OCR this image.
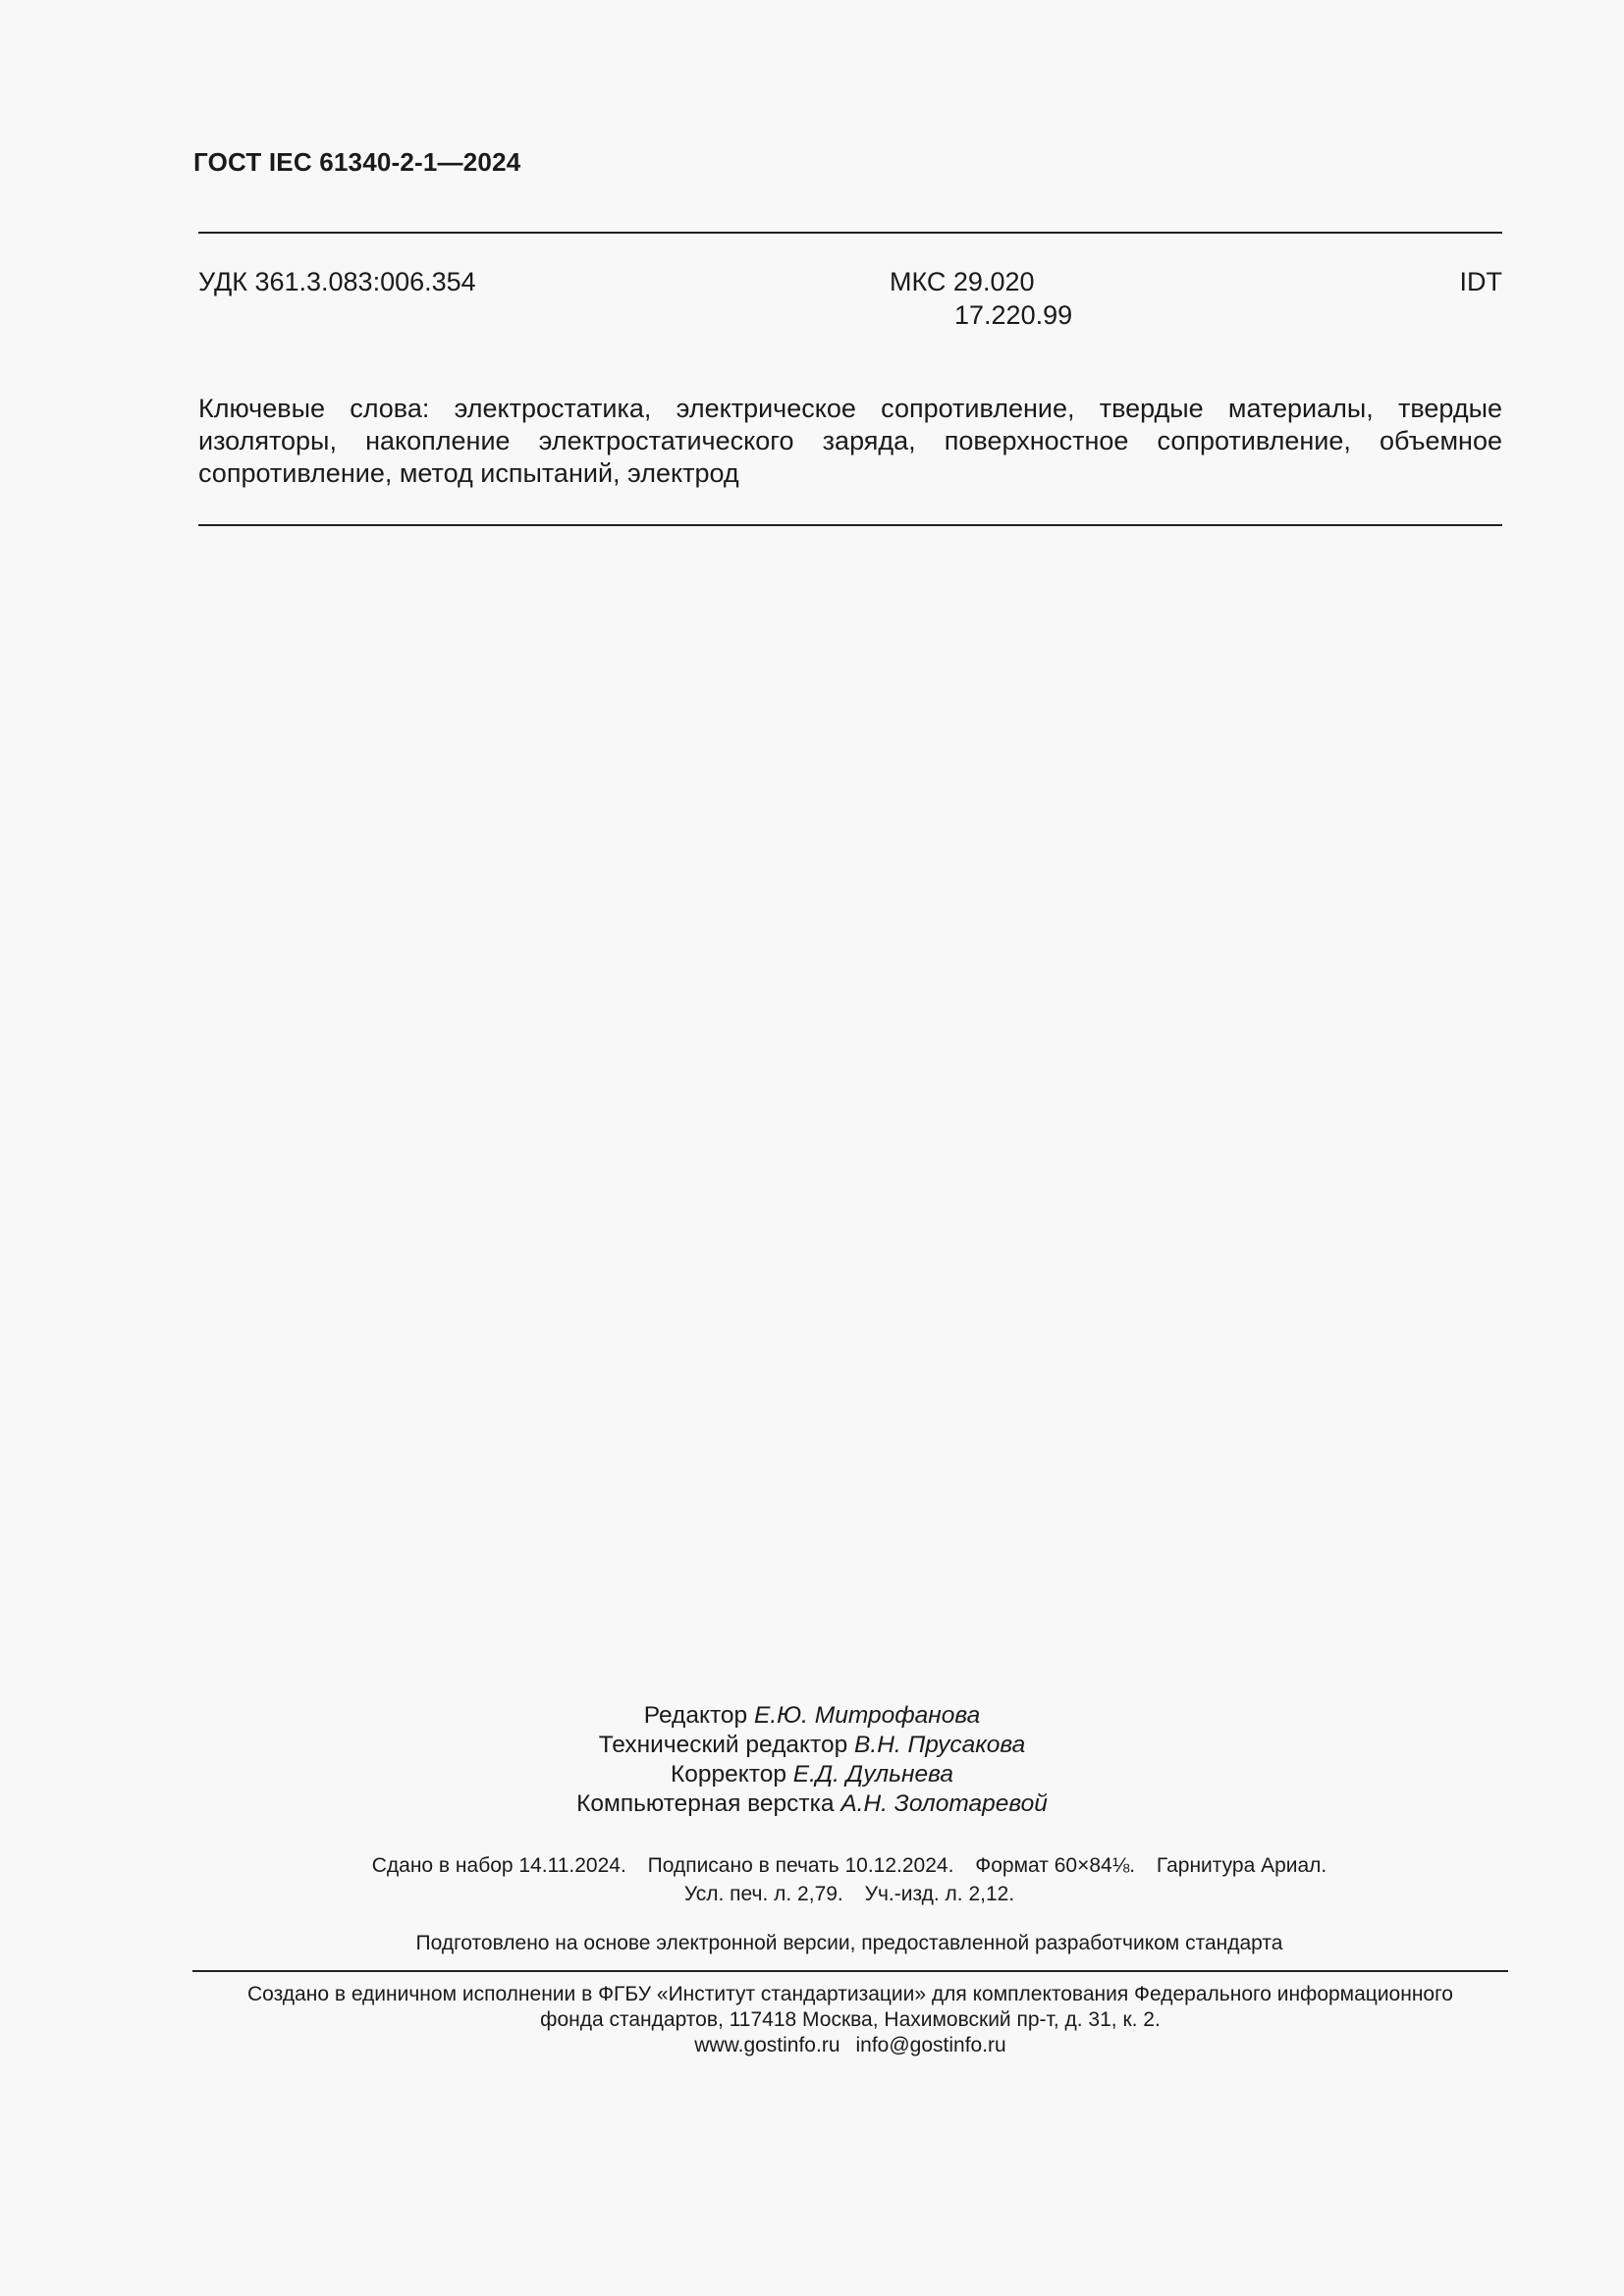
ГОСТ IEC 61340-2-1—2024
УДК 361.3.083:006.354	МКС 29.020
17.220.99
IDT
Ключевые слова: электростатика, электрическое сопротивление, твердые материалы, твердые изоляторы, накопление электростатического заряда, поверхностное сопротивление, объемное сопротивление, метод испытаний, электрод
Редактор Е.Ю. Митрофанова
Технический редактор В.Н. Прусакова
Корректор Е.Д. Дульнева
Компьютерная верстка А.Н. Золотаревой
Сдано в набор 14.11.2024. Подписано в печать 10.12.2024. Формат 60×84⅛. Гарнитура Ариал.
Усл. печ. л. 2,79. Уч.-изд. л. 2,12.
Подготовлено на основе электронной версии, предоставленной разработчиком стандарта
Создано в единичном исполнении в ФГБУ «Институт стандартизации» для комплектования Федерального информационного
фонда стандартов, 117418 Москва, Нахимовский пр-т, д. 31, к. 2.
www.gostinfo.ru info@gostinfo.ru
